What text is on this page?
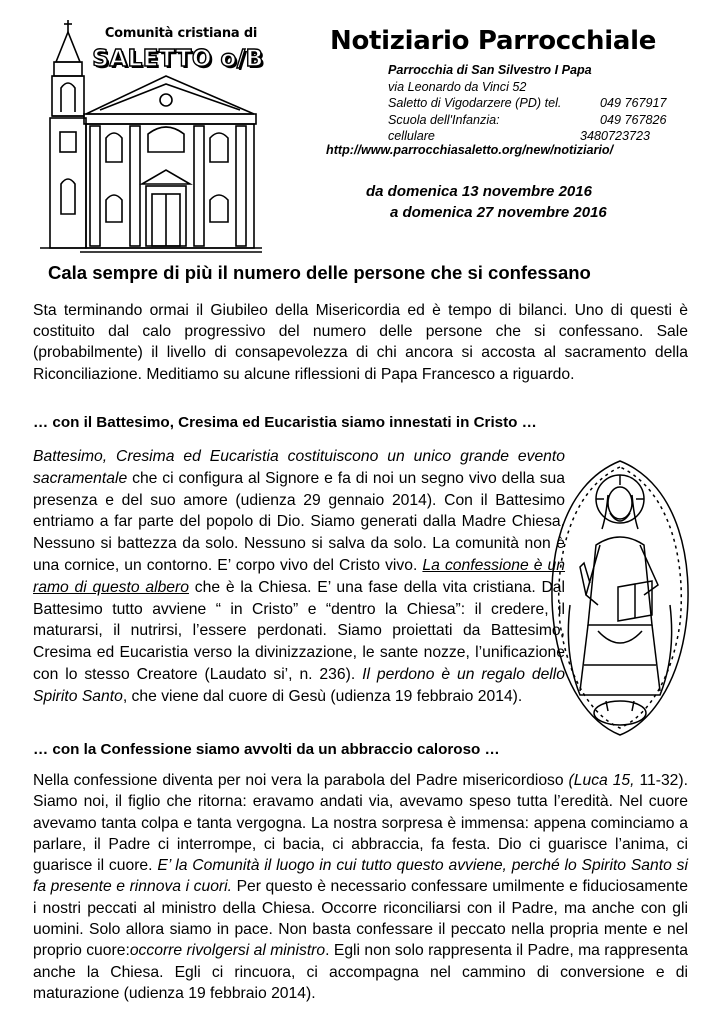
Comunità cristiana di
SALETTO o/B
Notiziario Parrocchiale
Parrocchia di San Silvestro I Papa
via Leonardo da Vinci 52
Saletto di Vigodarzere (PD) tel.	049 767917
Scuola dell'Infanzia:	049 767826
cellulare	3480723723
http://www.parrocchiasaletto.org/new/notiziario/
da domenica 13 novembre 2016
a domenica 27 novembre 2016
Cala sempre di più il numero delle persone che si confessano
Sta terminando ormai il Giubileo della Misericordia ed è tempo di bilanci. Uno di questi è costituito dal calo progressivo del numero delle persone che si confessano. Sale (probabilmente) il livello di consapevolezza di chi ancora si accosta al sacramento della Riconciliazione. Meditiamo su alcune riflessioni di Papa Francesco a riguardo.
… con il Battesimo, Cresima ed Eucaristia siamo innestati in Cristo …
Battesimo, Cresima ed Eucaristia costituiscono un unico grande evento sacramentale che ci configura al Signore e fa di noi un segno vivo della sua presenza e del suo amore (udienza 29 gennaio 2014). Con il Battesimo entriamo a far parte del popolo di Dio. Siamo generati dalla Madre Chiesa. Nessuno si battezza da solo. Nessuno si salva da solo. La comunità non è una cornice, un contorno. E’ corpo vivo del Cristo vivo. La confessione è un ramo di questo albero che è la Chiesa. E’ una fase della vita cristiana. Dal Battesimo tutto avviene “ in Cristo” e “dentro la Chiesa”: il credere, il maturarsi, il nutrirsi, l’essere perdonati. Siamo proiettati da Battesimo, Cresima ed Eucaristia verso la divinizzazione, le sante nozze, l’unificazione con lo stesso Creatore (Laudato si’, n. 236). Il perdono è un regalo dello Spirito Santo, che viene dal cuore di Gesù (udienza 19 febbraio 2014).
… con la Confessione siamo avvolti da un abbraccio caloroso …
Nella confessione diventa per noi vera la parabola del Padre misericordioso (Luca 15, 11-32). Siamo noi, il figlio che ritorna: eravamo andati via, avevamo speso tutta l’eredità. Nel cuore avevamo tanta colpa e tanta vergogna. La nostra sorpresa è immensa: appena cominciamo a parlare, il Padre ci interrompe, ci bacia, ci abbraccia, fa festa. Dio ci guarisce l’anima, ci guarisce il cuore. E’ la Comunità il luogo in cui tutto questo avviene, perché lo Spirito Santo si fa presente e rinnova i cuori. Per questo è necessario confessare umilmente e fiduciosamente i nostri peccati al ministro della Chiesa. Occorre riconciliarsi con il Padre, ma anche con gli uomini. Solo allora siamo in pace. Non basta confessare il peccato nella propria mente e nel proprio cuore:occorre rivolgersi al ministro. Egli non solo rappresenta il Padre, ma rappresenta anche la Chiesa. Egli ci rincuora, ci accompagna nel cammino di conversione e di maturazione (udienza 19 febbraio 2014).
